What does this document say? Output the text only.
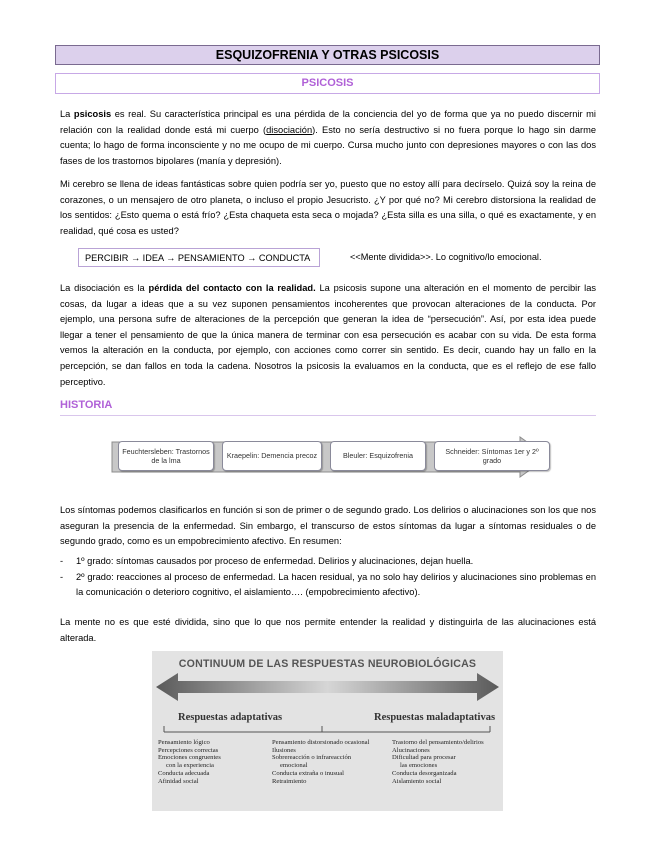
ESQUIZOFRENIA Y OTRAS PSICOSIS
PSICOSIS

La psicosis es real. Su característica principal es una pérdida de la conciencia del yo de forma que ya no puedo discernir mi relación con la realidad donde está mi cuerpo (disociación). Esto no sería destructivo si no fuera porque lo hago sin darme cuenta; lo hago de forma inconsciente y no me ocupo de mi cuerpo. Cursa mucho junto con depresiones mayores o con las dos fases de los trastornos bipolares (manía y depresión).

Mi cerebro se llena de ideas fantásticas sobre quien podría ser yo, puesto que no estoy allí para decírselo. Quizá soy la reina de corazones, o un mensajero de otro planeta, o incluso el propio Jesucristo. ¿Y por qué no? Mi cerebro distorsiona la realidad de los sentidos: ¿Esto quema o está frío? ¿Esta chaqueta esta seca o mojada? ¿Esta silla es una silla, o qué es exactamente, y en realidad, qué cosa es usted?

PERCIBIR → IDEA → PENSAMIENTO → CONDUCTA	<<Mente dividida>>. Lo cognitivo/lo emocional.

La disociación es la pérdida del contacto con la realidad. La psicosis supone una alteración en el momento de percibir las cosas, da lugar a ideas que a su vez suponen pensamientos incoherentes que provocan alteraciones de la conducta. Por ejemplo, una persona sufre de alteraciones de la percepción que generan la idea de “persecución”. Así, por esta idea puede llegar a tener el pensamiento de que la única manera de terminar con esa persecución es acabar con su vida. De esta forma vemos la alteración en la conducta, por ejemplo, con acciones como correr sin sentido. Es decir, cuando hay un fallo en la percepción, se dan fallos en toda la cadena. Nosotros la psicosis la evaluamos en la conducta, que es el reflejo de ese fallo perceptivo.

HISTORIA
Feuchtersleben: Trastornos de la lma
Kraepelin: Demencia precoz	Bleuler: Esquizofrenia
Schneider: Síntomas 1er y 2º grado

Los síntomas podemos clasificarlos en función si son de primer o de segundo grado. Los delirios o alucinaciones son los que nos aseguran la presencia de la enfermedad. Sin embargo, el transcurso de estos síntomas da lugar a síntomas residuales o de segundo grado, como es un empobrecimiento afectivo. En resumen:

- 1º grado: síntomas causados por proceso de enfermedad. Delirios y alucinaciones, dejan huella.
- 2º grado: reacciones al proceso de enfermedad. La hacen residual, ya no solo hay delirios y alucinaciones sino problemas en la comunicación o deterioro cognitivo, el aislamiento…. (empobrecimiento afectivo).

La mente no es que esté dividida, sino que lo que nos permite entender la realidad y distinguirla de las alucinaciones está alterada.

CONTINUUM DE LAS RESPUESTAS NEUROBIOLÓGICAS
Respuestas adaptativas	Respuestas maladaptativas
Pensamiento lógico
Percepciones correctas
Emociones congruentes
con la experiencia
Conducta adecuada
Afinidad social
Pensamiento distorsionado ocasional
Ilusiones
Sobrereacción o infrareacción
emocional
Conducta extraña o inusual
Retraimiento
Trastorno del pensamiento/delirios
Alucinaciones
Dificultad para procesar
las emociones
Conducta desorganizada
Aislamiento social
